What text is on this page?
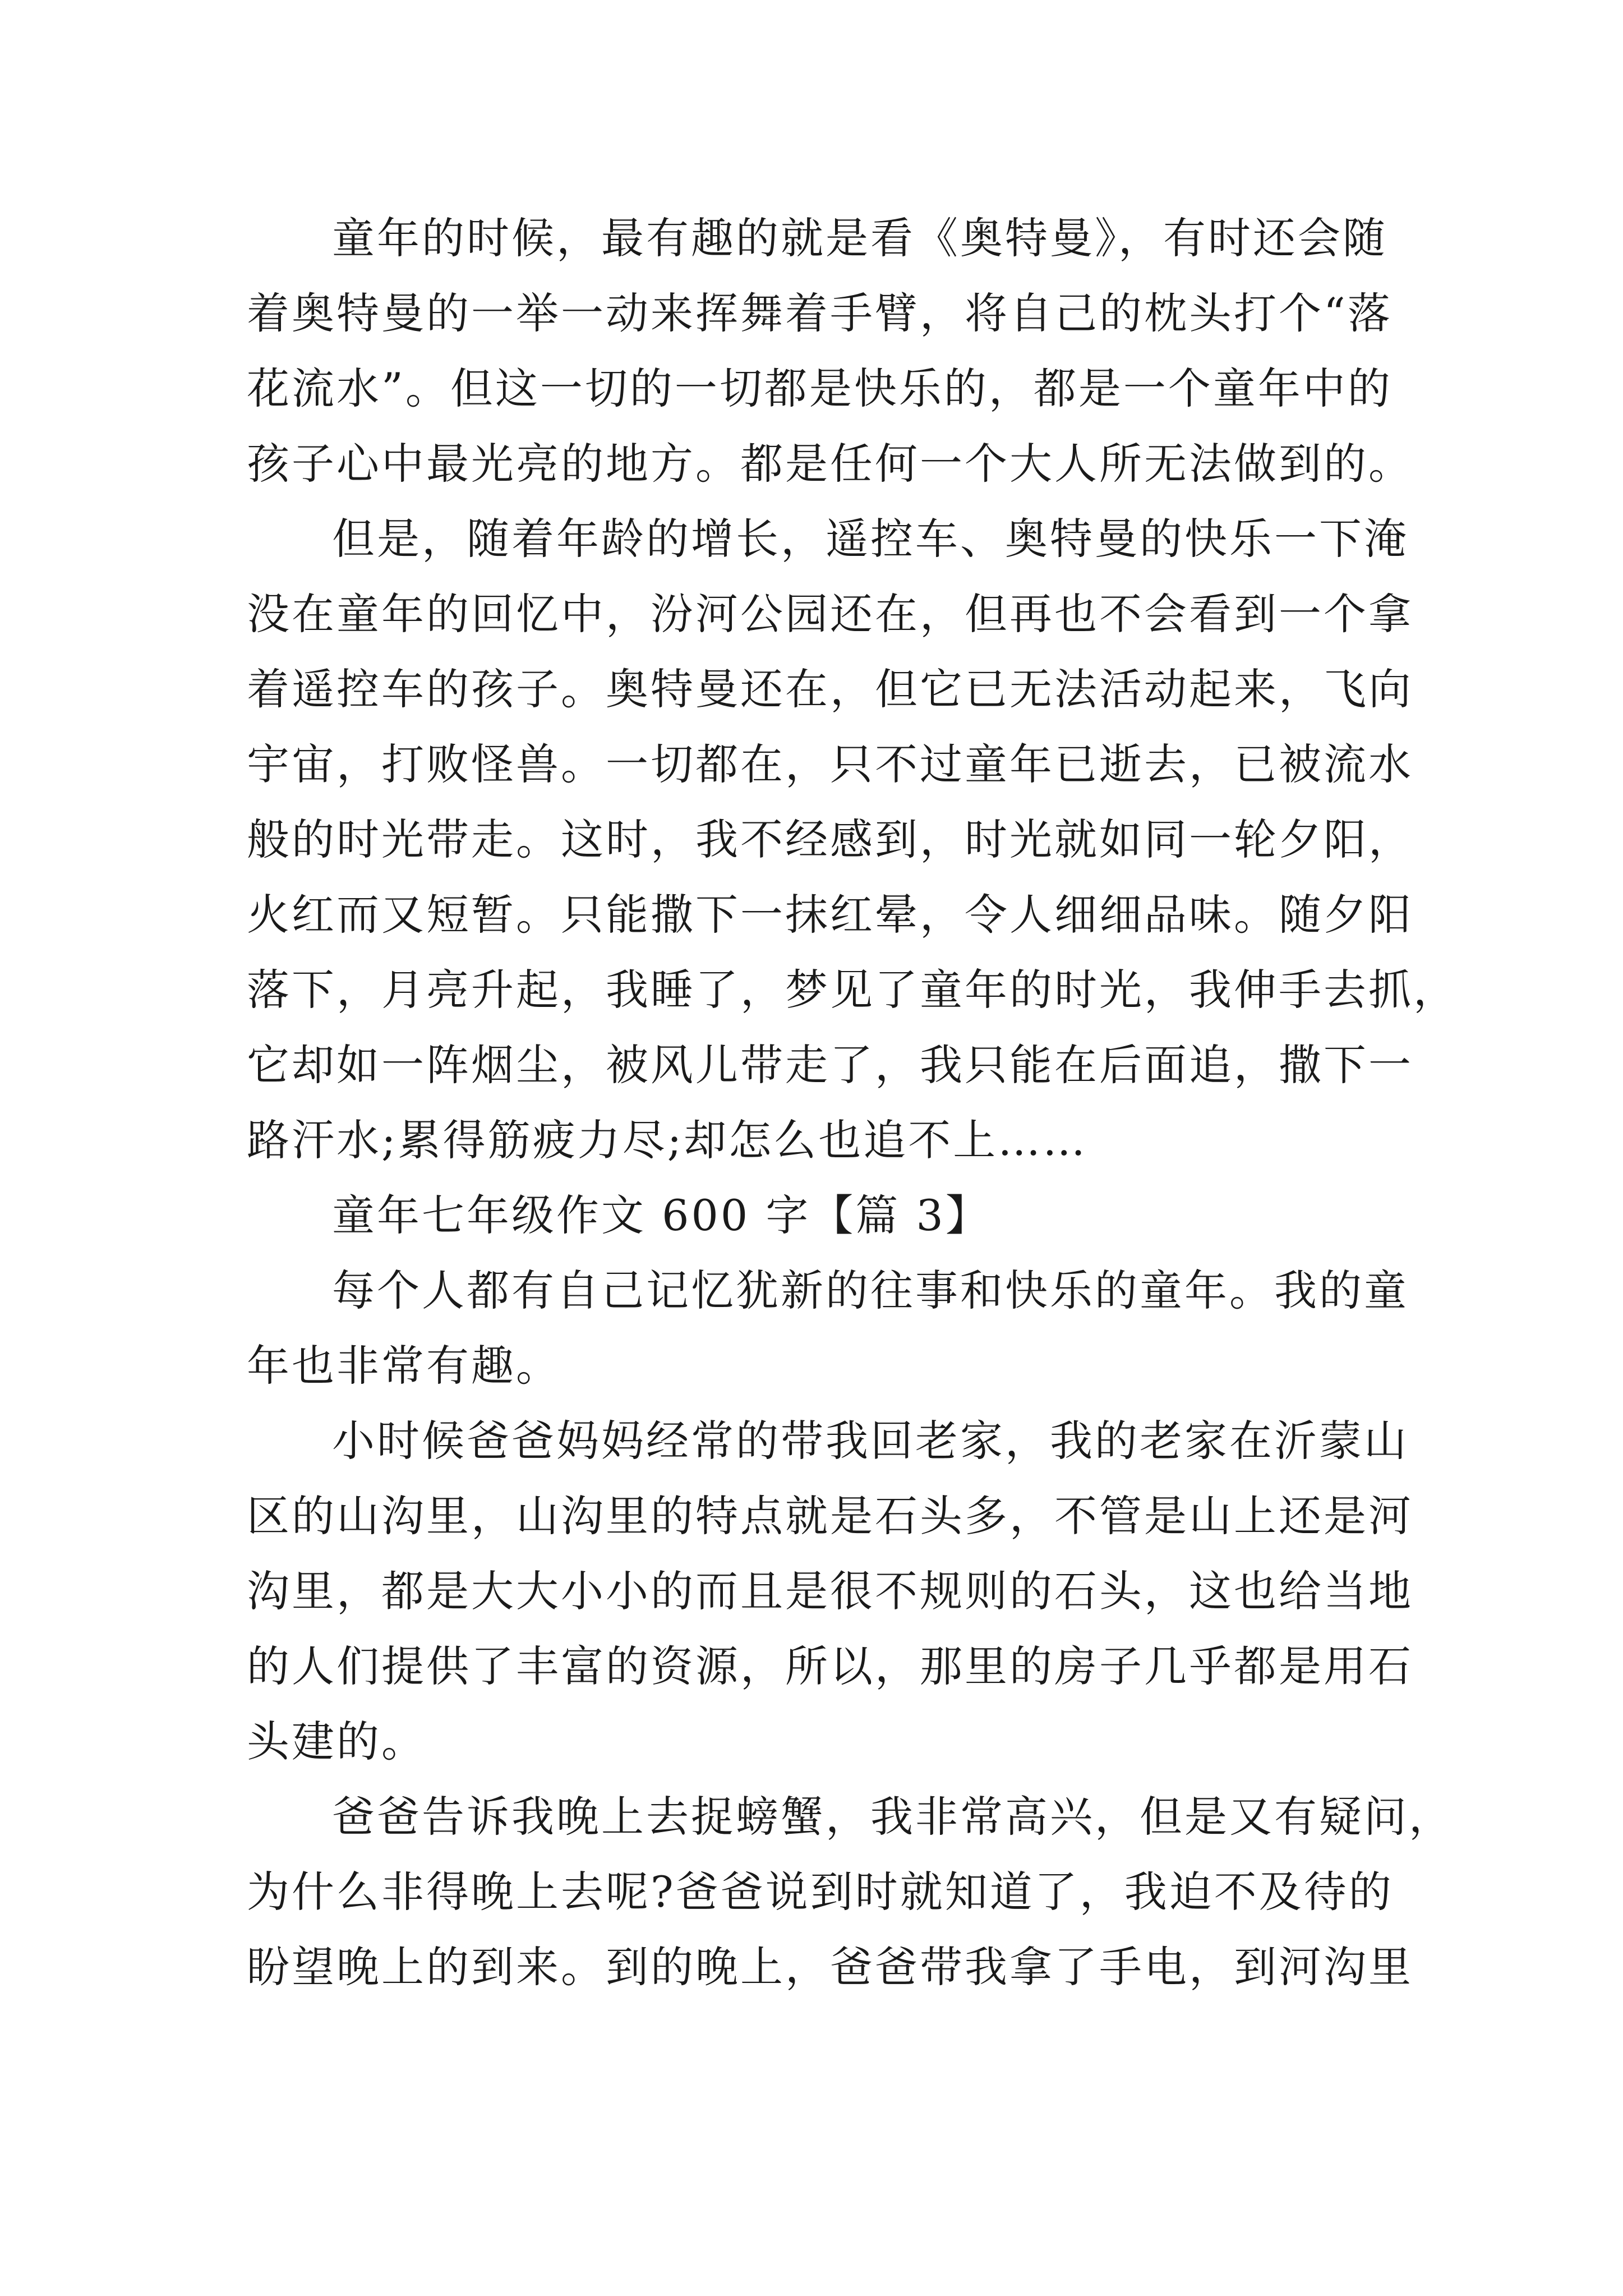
童年的时候，最有趣的就是看《奥特曼》，有时还会随
着奥特曼的一举一动来挥舞着手臂，将自己的枕头打个“落
花流水”。但这一切的一切都是快乐的，都是一个童年中的
孩子心中最光亮的地方。都是任何一个大人所无法做到的。
但是，随着年龄的增长，遥控车、奥特曼的快乐一下淹
没在童年的回忆中，汾河公园还在，但再也不会看到一个拿
着遥控车的孩子。奥特曼还在，但它已无法活动起来，飞向
宇宙，打败怪兽。一切都在，只不过童年已逝去，已被流水
般的时光带走。这时，我不经感到，时光就如同一轮夕阳，
火红而又短暂。只能撒下一抹红晕，令人细细品味。随夕阳
落下，月亮升起，我睡了，梦见了童年的时光，我伸手去抓，
它却如一阵烟尘，被风儿带走了，我只能在后面追，撒下一
路汗水;累得筋疲力尽;却怎么也追不上……
童年七年级作文 600 字【篇 3】
每个人都有自己记忆犹新的往事和快乐的童年。我的童
年也非常有趣。
小时候爸爸妈妈经常的带我回老家，我的老家在沂蒙山
区的山沟里，山沟里的特点就是石头多，不管是山上还是河
沟里，都是大大小小的而且是很不规则的石头，这也给当地
的人们提供了丰富的资源，所以，那里的房子几乎都是用石
头建的。
爸爸告诉我晚上去捉螃蟹，我非常高兴，但是又有疑问，
为什么非得晚上去呢?爸爸说到时就知道了，我迫不及待的
盼望晚上的到来。到的晚上，爸爸带我拿了手电，到河沟里
